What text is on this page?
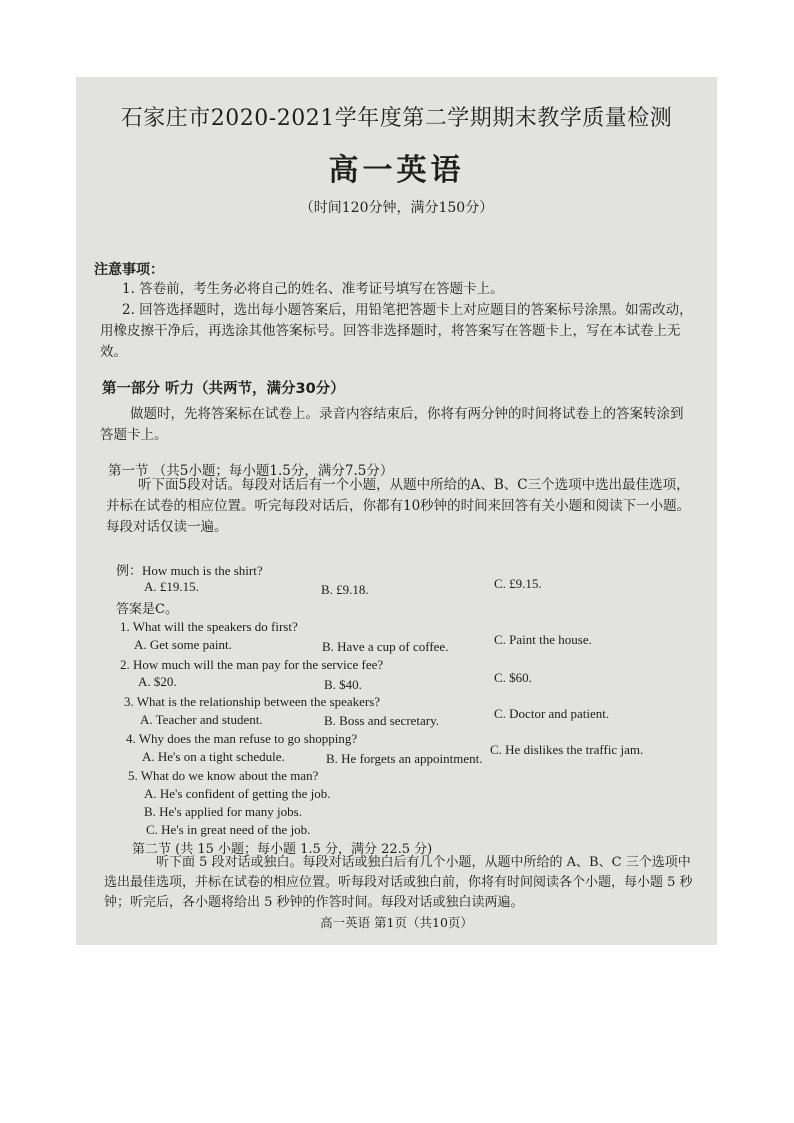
石家庄市2020-2021学年度第二学期期末教学质量检测
高一英语
（时间120分钟，满分150分）
注意事项：
1. 答卷前，考生务必将自己的姓名、准考证号填写在答题卡上。
2. 回答选择题时，选出每小题答案后，用铅笔把答题卡上对应题目的答案标号涂黑。如需改动，用橡皮擦干净后，再选涂其他答案标号。回答非选择题时，将答案写在答题卡上，写在本试卷上无效。
第一部分 听力（共两节，满分30分）
做题时，先将答案标在试卷上。录音内容结束后，你将有两分钟的时间将试卷上的答案转涂到答题卡上。
第一节 （共5小题；每小题1.5分，满分7.5分）
听下面5段对话。每段对话后有一个小题，从题中所给的A、B、C三个选项中选出最佳选项，并标在试卷的相应位置。听完每段对话后，你都有10秒钟的时间来回答有关小题和阅读下一小题。每段对话仅读一遍。
例：How much is the shirt?
A. £19.15.	B. £9.18.	C. £9.15.
答案是C。
1. What will the speakers do first?
A. Get some paint.	B. Have a cup of coffee.	C. Paint the house.
2. How much will the man pay for the service fee?
A. $20.	B. $40.	C. $60.
3. What is the relationship between the speakers?
A. Teacher and student.	B. Boss and secretary.	C. Doctor and patient.
4. Why does the man refuse to go shopping?
A. He's on a tight schedule.	B. He forgets an appointment.
C. He dislikes the traffic jam.
5. What do we know about the man?
A. He's confident of getting the job.
B. He's applied for many jobs.
C. He's in great need of the job.
第二节 (共 15 小题；每小题 1.5 分，满分 22.5 分)
听下面 5 段对话或独白。每段对话或独白后有几个小题，从题中所给的 A、B、C 三个选项中选出最佳选项，并标在试卷的相应位置。听每段对话或独白前，你将有时间阅读各个小题，每小题 5 秒钟；听完后，各小题将给出 5 秒钟的作答时间。每段对话或独白读两遍。
高一英语 第1页（共10页）
